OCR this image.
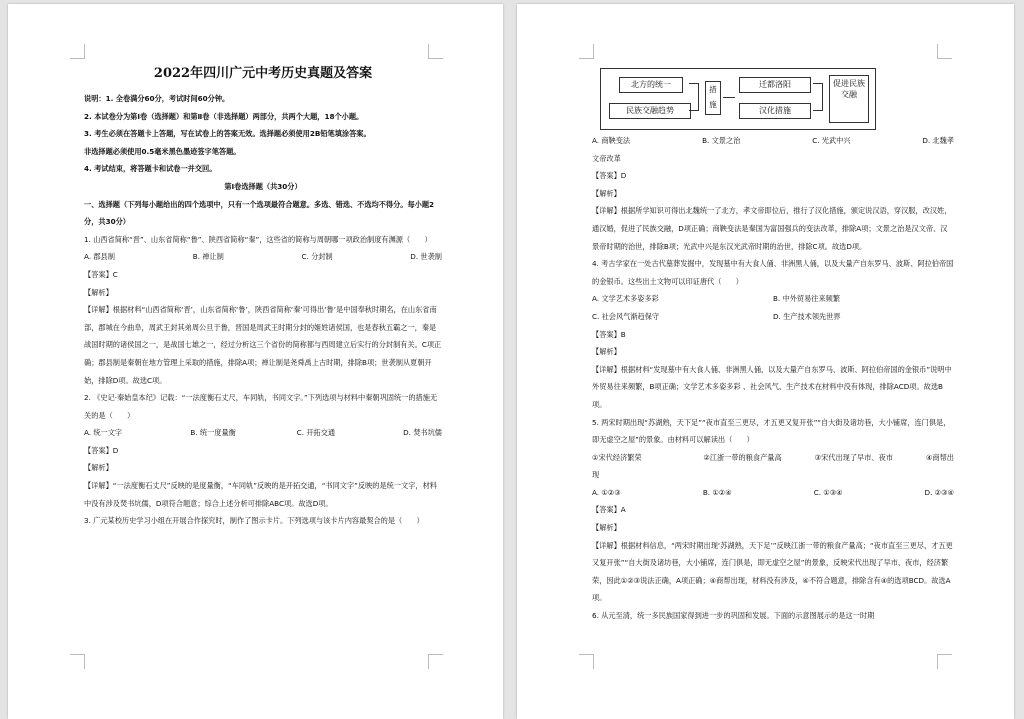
2022年四川广元中考历史真题及答案

说明：1. 全卷满分60分，考试时间60分钟。

2. 本试卷分为第Ⅰ卷（选择题）和第Ⅱ卷（非选择题）两部分，共两个大题，18个小题。

3. 考生必须在答题卡上答题，写在试卷上的答案无效。选择题必须使用2B铅笔填涂答案。

非选择题必须使用0.5毫米黑色墨迹签字笔答题。

4. 考试结束，将答题卡和试卷一并交回。

第Ⅰ卷选择题（共30分）

一、选择题（下列每小题给出的四个选项中，只有一个选项最符合题意。多选、错选、不选均不得分。每小题2分，共30分）

1. 山西省简称“晋”、山东省简称“鲁”、陕西省简称“秦”，这些省的简称与周朝哪一项政治制度有渊源（　　）

A. 郡县制	B. 禅让制	C. 分封制	D. 世袭制

【答案】C

【解析】

【详解】根据材料“山西省简称‘晋’，山东省简称‘鲁’，陕西省简称‘秦’可得出‘鲁’是中国奉秋时期名，在山东省南部，郡城在今曲阜，周武王封其弟周公旦于鲁，晋国是周武王时期分封的姬姓诸侯国，也是春秋五霸之一，秦是战国时期的诸侯国之一，是战国七雄之一，经过分析这三个省份的简称都与西周建立后实行的分封制有关。C项正确；郡县制是秦朝在地方管理上采取的措施，排除A项；禅让制是尧舜禹上古时期，排除B项；世袭制从夏朝开始，排除D项。故选C项。

2. 《史记·秦始皇本纪》记载：“一法度衡石丈尺，车同轨，书同文字。”下列选项与材料中秦朝巩固统一的措施无关的是（　　）

A. 统一文字	B. 统一度量衡	C. 开拓交通	D. 焚书坑儒

【答案】D

【解析】

【详解】“一法度衡石丈尺”反映的是度量衡，“车同轨”反映的是开拓交通，“书同文字”反映的是统一文字，材料中没有涉及焚书坑儒，D项符合题意；综合上述分析可排除ABC项。故选D项。

3. 广元某校历史学习小组在开展合作探究时，制作了图示卡片。下列选项与该卡片内容最契合的是（　　）

北方的统一
民族交融趋势
措施
迁都洛阳
汉化措施
促进民族交融
A. 商鞅变法	B. 文景之治	C. 光武中兴	D. 北魏孝

文帝改革

【答案】D

【解析】

【详解】根据所学知识可得出北魏统一了北方，孝文帝即位后，推行了汉化措施，颁定说汉语，穿汉服，改汉姓，通汉婚，促进了民族交融，D项正确；商鞅变法是秦国为富国强兵的变法改革，排除A项；文景之治是汉文帝、汉景帝时期的治世，排除B项；光武中兴是东汉光武帝时期的治世，排除C项。故选D项。

4. 考古学家在一处古代墓葬发掘中，发现墓中有大食人俑、非洲黑人俑，以及大量产自东罗马、波斯、阿拉伯帝国的金银币。这些出土文物可以印证唐代（　　）

A. 文学艺术多姿多彩	B. 中外贸易往来频繁
C. 社会风气渐趋保守	D. 生产技术领先世界

【答案】B

【解析】

【详解】根据材料“发现墓中有大食人俑、非洲黑人俑，以及大量产自东罗马、波斯、阿拉伯帝国的金银币”说明中外贸易往来频繁，B项正确；文学艺术多姿多彩 、社会风气、生产技术在材料中没有体现，排除ACD项。故选B项。

5. 两宋时期出现“苏湖熟，天下足”“夜市直至三更尽，才五更又复开张”“自大街及诸坊巷，大小铺席，连门俱是，即无虚空之屋”的景象。由材料可以解读出（　　）

①宋代经济繁荣	②江浙一带的粮食产量高	③宋代出现了早市、夜市	④商帮出

现

A. ①②③	B. ①②④	C. ①③④	D. ②③④

【答案】A

【解析】

【详解】根据材料信息，“两宋时期出现‘苏湖熟，天下足’”反映江浙一带的粮食产量高；“夜市直至三更尽，才五更又复开张”“自大街及诸坊巷，大小铺席，连门俱是，即无虚空之屋”的景象，反映宋代出现了早市、夜市，经济繁荣，因此①②③说法正确，A项正确；④商帮出现，材料没有涉及，④不符合题意，排除含有④的选项BCD。故选A项。

6. 从元至清，统一多民族国家得到进一步的巩固和发展。下面的示意图展示的是这一时期
